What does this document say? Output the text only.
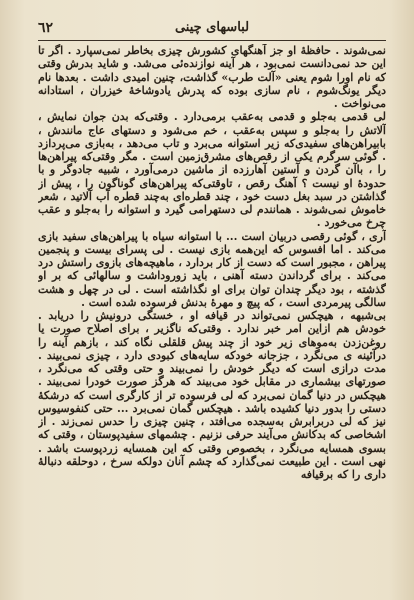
٦٢	لباسهای چینی

نمی‌شوند . حافظهٔ او جز آهنگهای کشورش چیزی بخاطر نمی‌سپارد . اگر تا این حد نمی‌دانست نمی‌بود ، هر آینه نوازنده‌ئی می‌شد. و شاید بدرش وقتی که نام اورا شوم یعنی «آلت طرب» گذاشت، چنین امیدی داشت . بعد‌ها نام دیگر یونگ‌شوم ، نام سازی بوده که پدرش یادوشاخهٔ خیزران ، استادانه می‌نواخت .

لی قدمی به‌جلو و قدمی به‌عقب برمی‌دارد . وقتی‌که بدن جوان نمایش ، آلاتش را به‌جلو و سپس به‌عقب ، خم می‌شود و دستهای عاج مانندش ، بابیراهن‌های سفیدی‌که زیر استوانه می‌برد و تاب می‌دهد ، به‌بازی می‌پردازد . گوئی سرگرم یکی از رقص‌های مشرق‌زمین است . مگر وقتی‌که پیراهن‌ها را ، باآن گردن و آستین آهارزده از ماشین درمی‌آورد ، شبیه جادوگر و با حدودهٔ او نیست ؟ آهنگ رقص ، تاوقتی‌که پیراهن‌های گوناگون را ، پیش از گذاشتن در سبد بغل دست خود ، چند قطره‌ای به‌چند قطره آب آلاتید ، شعر خاموش نمی‌شوند . همانندم لی دستهرامی گیرد و استوانه را به‌جلو و عقب چرخ می‌خورد .

آری ، گوئی رقصی دربیان است ... با استوانه سیاه با پیراهن‌های سفید بازی می‌کند . اما افسوس که این‌همه بازی نیست . لی پسرای بیست و پنجمین پیراهن ، مجبور است که دست از کار بردارد ، ماهیچه‌های بازوی راستش درد می‌کند . برای گرداندن دسته آهنی ، باید زوروداشت و سالهائی که بر او گذشته ، بود دیگر چندان توان برای او نگذاشته است . لی در چهل و هشت سالگی پیرمردی است ، که پیچ و مهرهٔ بدنش فرسوده شده است .

بی‌شبهه ، هیچکس نمی‌تواند در قیافه او ، خستگی درونیش را دریابد . خودش هم ازاین امر خبر ندارد . وقتی‌که ناگزیر ، برای اصلاح صورت یا روغن‌زدن به‌موهای زیر خود از چند پیش قلقلی نگاه کند ، بازهم آینه را درآئینه ی می‌نگرد ، جز‌جانه خودکه سایه‌های کبودی دارد ، چیزی نمی‌بیند . مدت درازی است که دیگر خودش را نمی‌بیند و حتی وقتی که می‌نگرد ، صورتهای بیشماری در مقابل خود می‌بیند که هرگز صورت خودرا نمی‌بیند . هیچکس در دنیا گمان نمی‌برد که لی فرسوده تر از کارگری است که درشکهٔ دستی را بدور دنیا کشیده باشد . هیچکس گمان نمی‌برد ... حتی کنفوسیوس نیز که لی دربرابرش به‌سجده می‌افتد ، چنین چیزی را حدس نمی‌زند . از اشخاصی که بدکانش می‌آیند حرفی نزنیم . چشمهای سفید‌پوستان ، وقتی که بسوی همسایه می‌نگرد ، بخصوص وقتی که این همسایه زردپوست باشد . نهی است . این طبیعت نمی‌گذارد که چشم آنان دولکه سرخ ، دوحلقه دنبالهٔ داری را که برقیافه
